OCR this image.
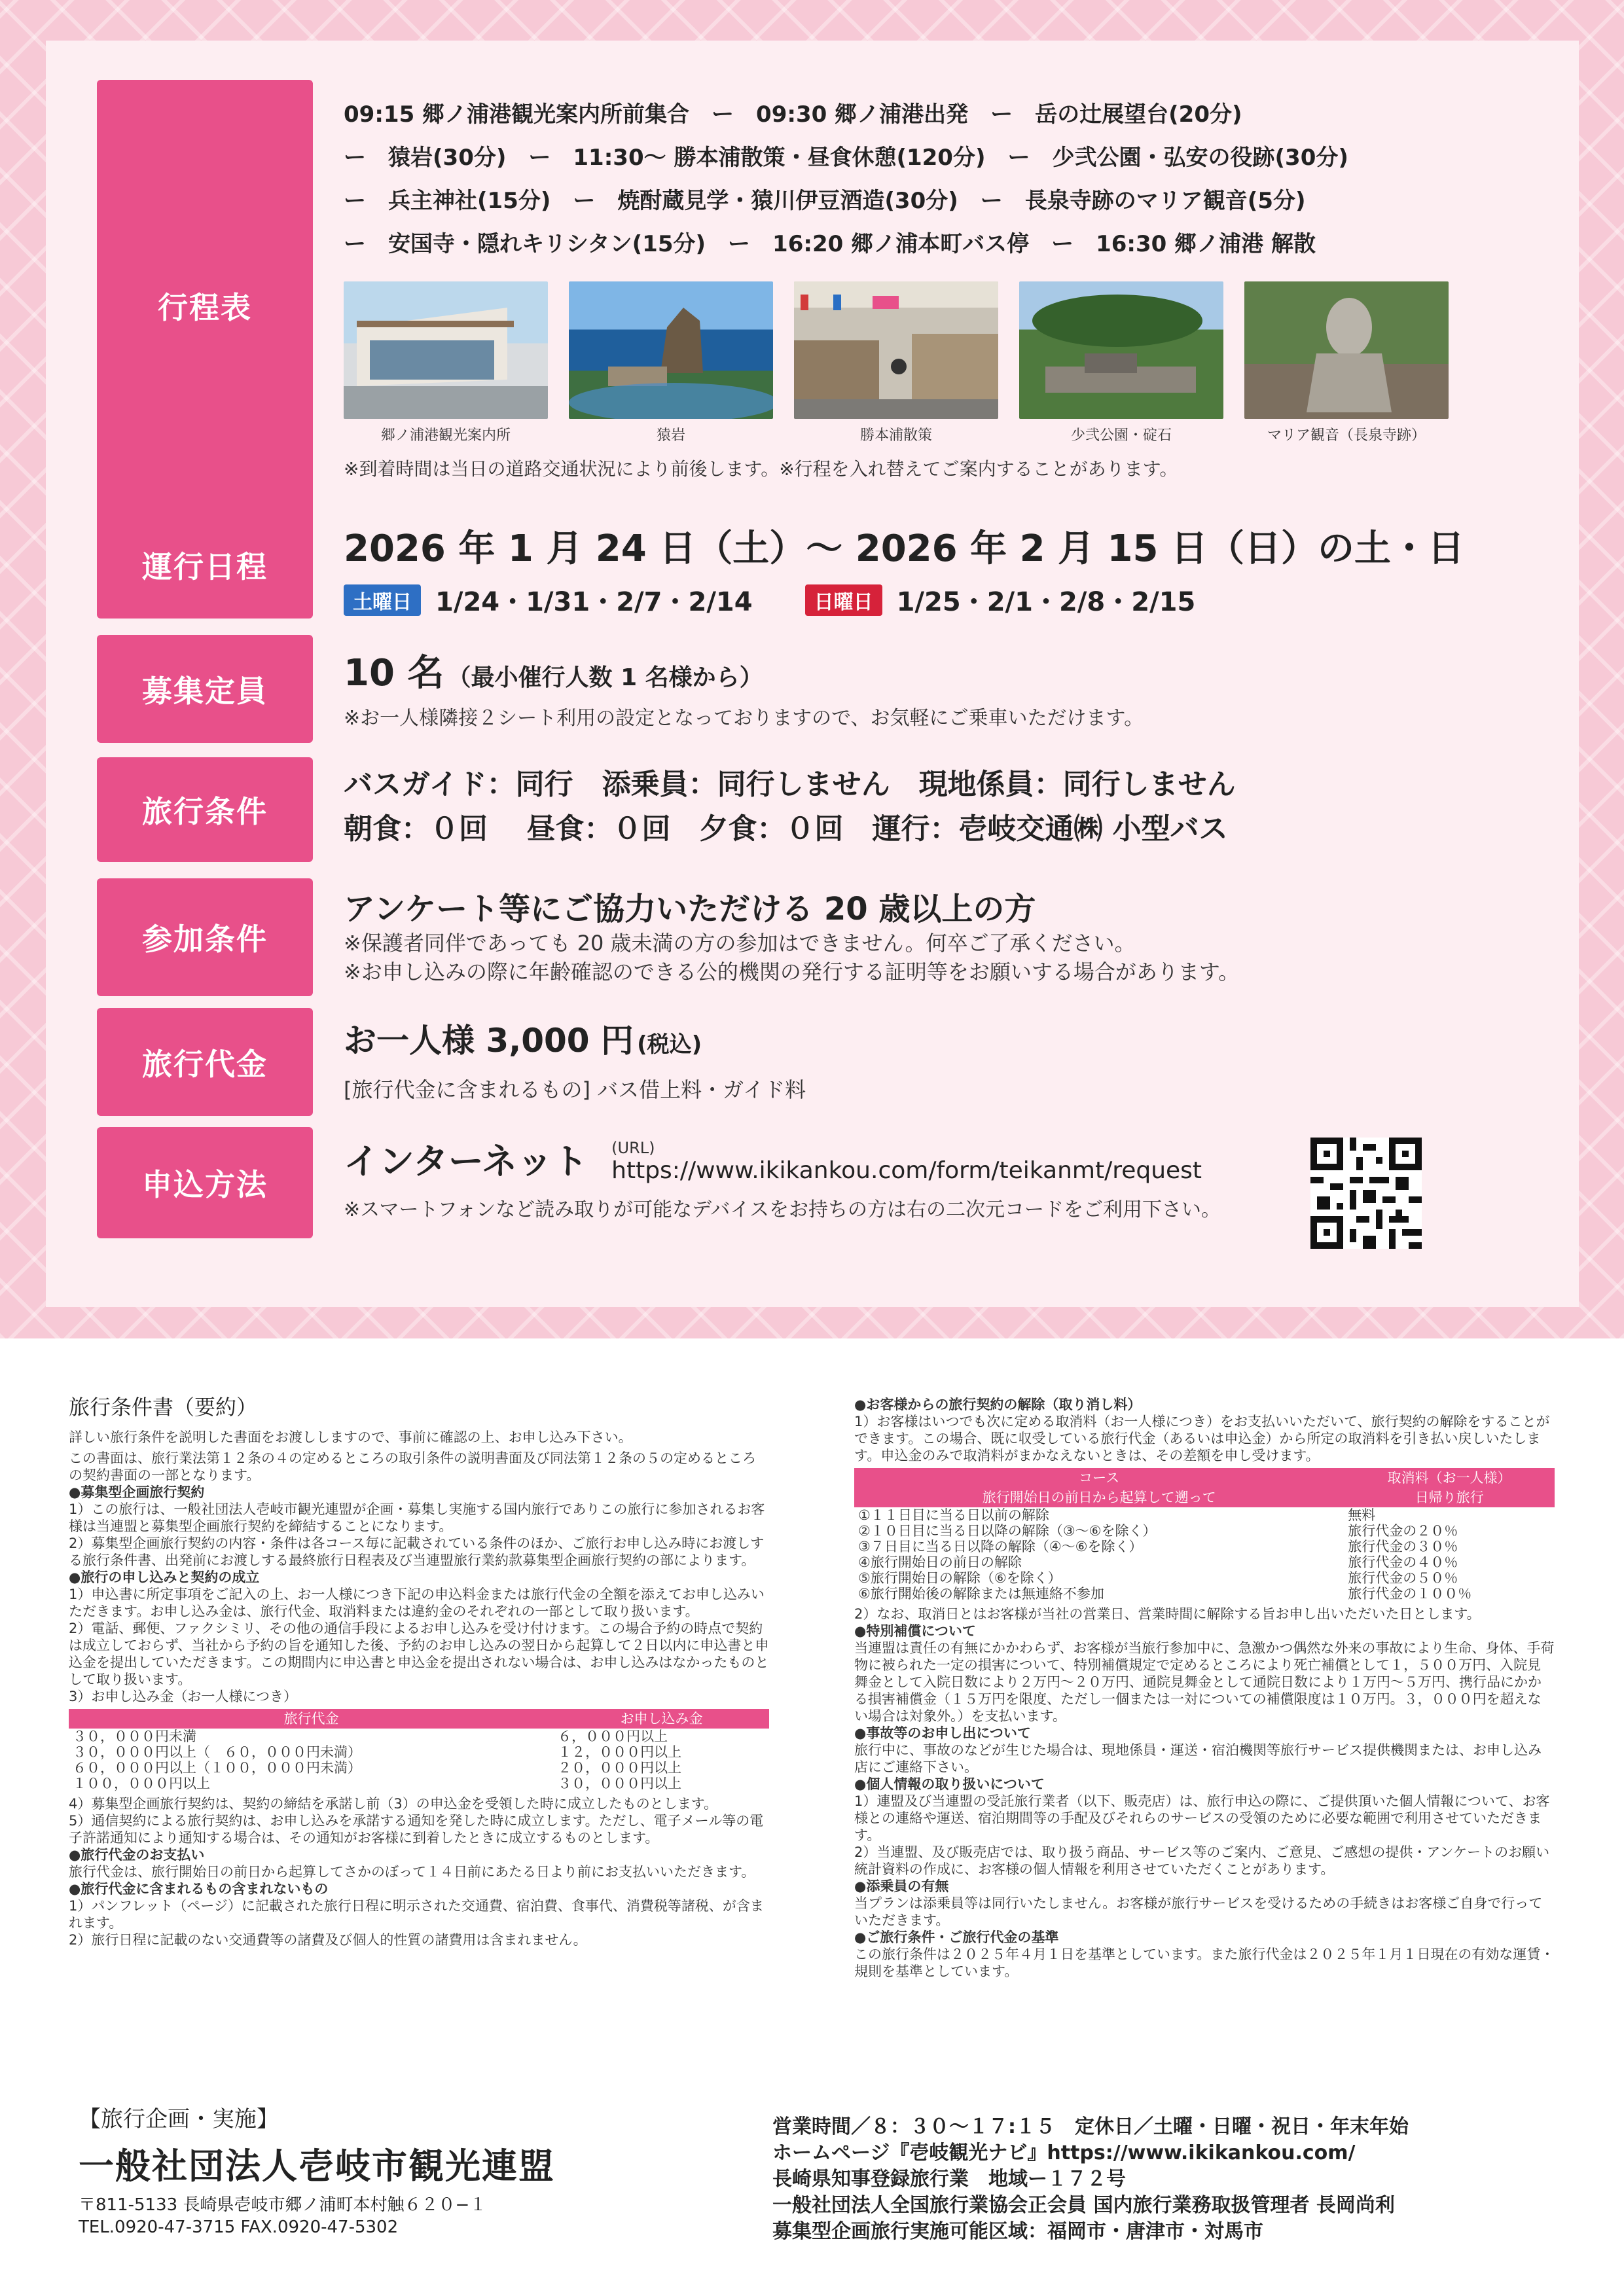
行程表
09:15 郷ノ浦港観光案内所前集合　ー　09:30 郷ノ浦港出発　ー　岳の辻展望台(20分)
ー　猿岩(30分)　ー　11:30〜 勝本浦散策・昼食休憩(120分)　ー　少弐公園・弘安の役跡(30分)
ー　兵主神社(15分)　ー　焼酎蔵見学・猿川伊豆酒造(30分)　ー　長泉寺跡のマリア観音(5分)
ー　安国寺・隠れキリシタン(15分)　ー　16:20 郷ノ浦本町バス停　ー　16:30 郷ノ浦港 解散
郷ノ浦港観光案内所	猿岩	勝本浦散策	少弐公園・碇石	マリア観音（長泉寺跡）
※到着時間は当日の道路交通状況により前後します。※行程を入れ替えてご案内することがあります。
運行日程	2026 年 1 月 24 日（土）〜 2026 年 2 月 15 日（日）の土・日
土曜日 1/24・1/31・2/7・2/14	日曜日 1/25・2/1・2/8・2/15
募集定員	10 名 （最小催行人数 1 名様から）
※お一人様隣接２シート利用の設定となっておりますので、お気軽にご乗車いただけます。
旅行条件
バスガイド：同行　添乗員：同行しません　現地係員：同行しません
朝食：０回　 昼食：０回　夕食：０回　運行：壱岐交通㈱ 小型バス
参加条件
アンケート等にご協力いただける 20 歳以上の方
※保護者同伴であっても 20 歳未満の方の参加はできません。何卒ご了承ください。
※お申し込みの際に年齢確認のできる公的機関の発行する証明等をお願いする場合があります。
旅行代金
お一人様 3,000 円 (税込)
[旅行代金に含まれるもの] バス借上料・ガイド料
申込方法
インターネット (URL)
https://www.ikikankou.com/form/teikanmt/request
※スマートフォンなど読み取りが可能なデバイスをお持ちの方は右の二次元コードをご利用下さい。

旅行条件書（要約）

詳しい旅行条件を説明した書面をお渡ししますので、事前に確認の上、お申し込み下さい。

この書面は、旅行業法第１２条の４の定めるところの取引条件の説明書面及び同法第１２条の５の定めるところの契約書面の一部となります。

●募集型企画旅行契約

1）この旅行は、一般社団法人壱岐市観光連盟が企画・募集し実施する国内旅行でありこの旅行に参加されるお客様は当連盟と募集型企画旅行契約を締結することになります。

2）募集型企画旅行契約の内容・条件は各コース毎に記載されている条件のほか、ご旅行お申し込み時にお渡しする旅行条件書、出発前にお渡しする最終旅行日程表及び当連盟旅行業約款募集型企画旅行契約の部によります。

●旅行の申し込みと契約の成立

1）申込書に所定事項をご記入の上、お一人様につき下記の申込料金または旅行代金の全額を添えてお申し込みいただきます。お申し込み金は、旅行代金、取消料または違約金のそれぞれの一部として取り扱います。

2）電話、郵便、ファクシミリ、その他の通信手段によるお申し込みを受け付けます。この場合予約の時点で契約は成立しておらず、当社から予約の旨を通知した後、予約のお申し込みの翌日から起算して２日以内に申込書と申込金を提出していただきます。この期間内に申込書と申込金を提出されない場合は、お申し込みはなかったものとして取り扱います。

3）お申し込み金（お一人様につき）

旅行代金	お申し込み金
３０，０００円未満	６，０００円以上
３０，０００円以上（　６０，０００円未満）	１２，０００円以上
６０，０００円以上（１００，０００円未満）	２０，０００円以上
１００，０００円以上	３０，０００円以上

4）募集型企画旅行契約は、契約の締結を承諾し前（3）の申込金を受領した時に成立したものとします。

5）通信契約による旅行契約は、お申し込みを承諾する通知を発した時に成立します。ただし、電子メール等の電子許諾通知により通知する場合は、その通知がお客様に到着したときに成立するものとします。

●旅行代金のお支払い

旅行代金は、旅行開始日の前日から起算してさかのぼって１４日前にあたる日より前にお支払いいただきます。

●旅行代金に含まれるもの含まれないもの

1）パンフレット（ページ）に記載された旅行日程に明示された交通費、宿泊費、食事代、消費税等諸税、が含まれます。

2）旅行日程に記載のない交通費等の諸費及び個人的性質の諸費用は含まれません。

●お客様からの旅行契約の解除（取り消し料）

1）お客様はいつでも次に定める取消料（お一人様につき）をお支払いいただいて、旅行契約の解除をすることができます。この場合、既に収受している旅行代金（あるいは申込金）から所定の取消料を引き払い戻しいたします。申込金のみで取消料がまかなえないときは、その差額を申し受けます。

コース	取消料（お一人様）
旅行開始日の前日から起算して遡って	日帰り旅行
①１１日目に当る日以前の解除	無料
②１０日目に当る日以降の解除（③〜⑥を除く）	旅行代金の２０％
③７日目に当る日以降の解除（④〜⑥を除く）	旅行代金の３０％
④旅行開始日の前日の解除	旅行代金の４０％
⑤旅行開始日の解除（⑥を除く）	旅行代金の５０％
⑥旅行開始後の解除または無連絡不参加	旅行代金の１００％

2）なお、取消日とはお客様が当社の営業日、営業時間に解除する旨お申し出いただいた日とします。

●特別補償について

当連盟は責任の有無にかかわらず、お客様が当旅行参加中に、急激かつ偶然な外来の事故により生命、身体、手荷物に被られた一定の損害について、特別補償規定で定めるところにより死亡補償として１，５００万円、入院見舞金として入院日数により２万円〜２０万円、通院見舞金として通院日数により１万円〜５万円、携行品にかかる損害補償金（１５万円を限度、ただし一個または一対についての補償限度は１０万円。３，０００円を超えない場合は対象外。）を支払います。

●事故等のお申し出について

旅行中に、事故のなどが生じた場合は、現地係員・運送・宿泊機関等旅行サービス提供機関または、お申し込み店にご連絡下さい。

●個人情報の取り扱いについて

1）連盟及び当連盟の受託旅行業者（以下、販売店）は、旅行申込の際に、ご提供頂いた個人情報について、お客様との連絡や運送、宿泊期間等の手配及びそれらのサービスの受領のために必要な範囲で利用させていただきます。

2）当連盟、及び販売店では、取り扱う商品、サービス等のご案内、ご意見、ご感想の提供・アンケートのお願い統計資料の作成に、お客様の個人情報を利用させていただくことがあります。

●添乗員の有無

当プランは添乗員等は同行いたしません。お客様が旅行サービスを受けるための手続きはお客様ご自身で行っていただきます。

●ご旅行条件・ご旅行代金の基準

この旅行条件は２０２５年４月１日を基準としています。また旅行代金は２０２５年１月１日現在の有効な運賃・規則を基準としています。

【旅行企画・実施】
一般社団法人壱岐市観光連盟
〒811-5133 長崎県壱岐市郷ノ浦町本村触６２０−１
TEL.0920-47-3715 FAX.0920-47-5302
営業時間／８：３０〜１７:１５　定休日／土曜・日曜・祝日・年末年始
ホームページ『壱岐観光ナビ』https://www.ikikankou.com/
長崎県知事登録旅行業　地域ー１７２号
一般社団法人全国旅行業協会正会員 国内旅行業務取扱管理者 長岡尚利
募集型企画旅行実施可能区域：福岡市・唐津市・対馬市
